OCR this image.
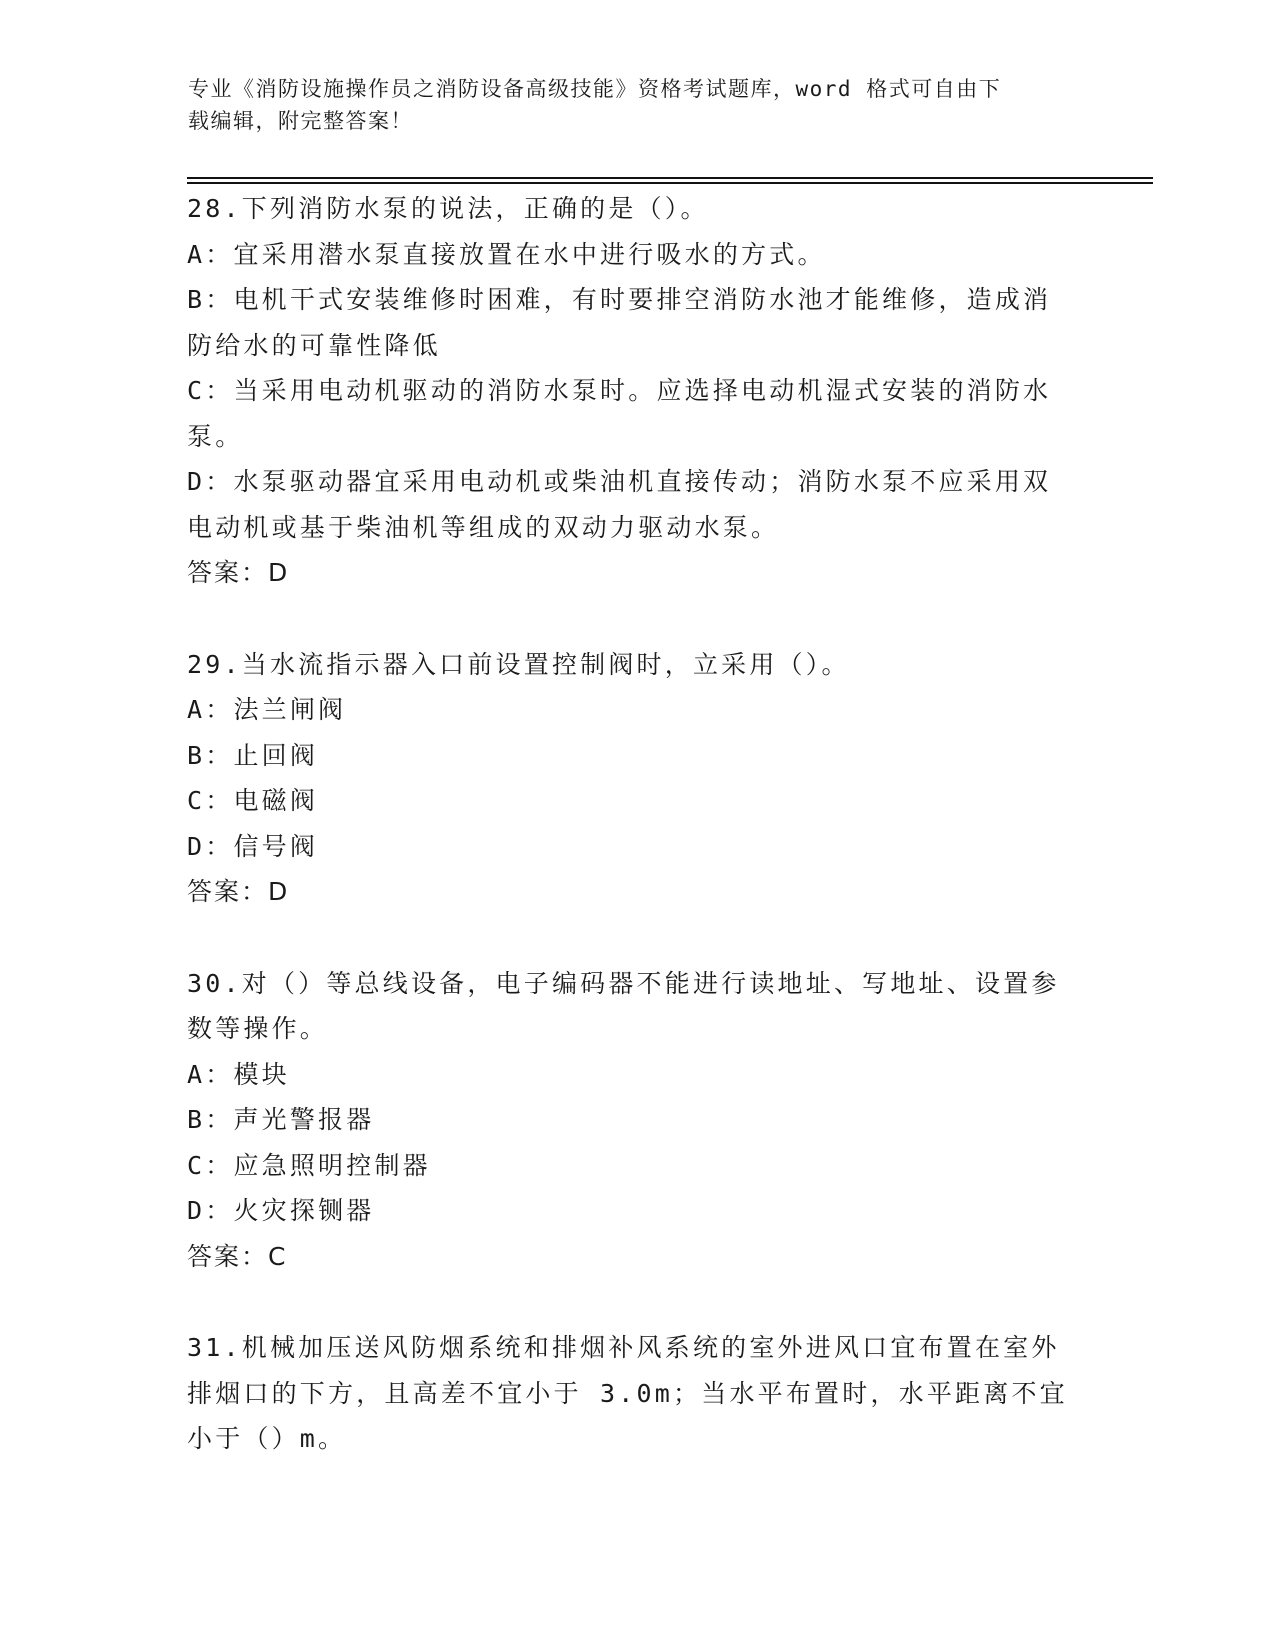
专业《消防设施操作员之消防设备高级技能》资格考试题库，word 格式可自由下
载编辑，附完整答案！

28.下列消防水泵的说法，正确的是（）。

A：宜采用潜水泵直接放置在水中进行吸水的方式。

B：电机干式安装维修时困难，有时要排空消防水池才能维修，造成消

防给水的可靠性降低

C：当采用电动机驱动的消防水泵时。应选择电动机湿式安装的消防水

泵。

D：水泵驱动器宜采用电动机或柴油机直接传动；消防水泵不应采用双

电动机或基于柴油机等组成的双动力驱动水泵。

答案：D

29.当水流指示器入口前设置控制阀时，立采用（）。

A：法兰闸阀

B：止回阀

C：电磁阀

D：信号阀

答案：D

30.对（）等总线设备，电子编码器不能进行读地址、写地址、设置参

数等操作。

A：模块

B：声光警报器

C：应急照明控制器

D：火灾探铡器

答案：C

31.机械加压送风防烟系统和排烟补风系统的室外进风口宜布置在室外

排烟口的下方，且高差不宜小于 3.0m；当水平布置时，水平距离不宜

小于（）m。
